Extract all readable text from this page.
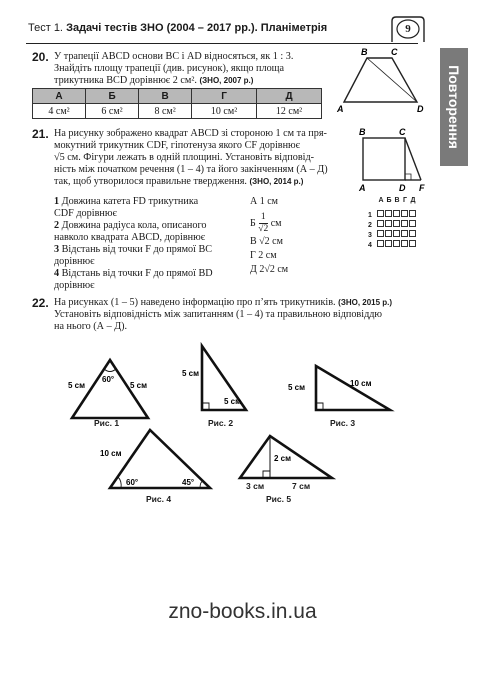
Тест 1. Задачі тестів ЗНО (2004 – 2017 рр.). Планіметрія	9
Повторення
20. У трапеції ABCD основи BC і AD відносяться, як 1 : 3.
Знайдіть площу трапеції (див. рисунок), якщо площа
трикутника BCD дорівнює 2 см². (ЗНО, 2007 р.)
A
B	C
D
А	Б	В	Г	Д
4 см²	6 см²	8 см²	10 см²	12 см²
21. На рисунку зображено квадрат ABCD зі стороною 1 см та пря-
мокутний трикутник CDF, гіпотенуза якого CF дорівнює
√5 см. Фігури лежать в одній площині. Установіть відповід-
ність між початком речення (1 – 4) та його закінченням (А – Д)
так, щоб утворилося правильне твердження. (ЗНО, 2014 р.)
B	C
A	D F
1 Довжина катета FD трикутника
CDF дорівнює
2 Довжина радіуса кола, описаного
навколо квадрата ABCD, дорівнює
3 Відстань від точки F до прямої BC
дорівнює
4 Відстань від точки F до прямої BD
дорівнює
А 1 см
Б
$\frac{1}{√2}$
см
В √2 см
Г 2 см
Д 2√2 см
А Б В Г Д
1
2
3
4
22. На рисунках (1 – 5) наведено інформацію про п’ять трикутників. (ЗНО, 2015 р.)
Установіть відповідність між запитанням (1 – 4) та правильною відповіддю
на нього (А – Д).
60°
5 см	5 см
Рис. 1
5 см
5 см
Рис. 2
5 см	10 см
Рис. 3
60°	45°
10 см
Рис. 4
2 см
3 см	7 см
Рис. 5
zno-books.in.ua
